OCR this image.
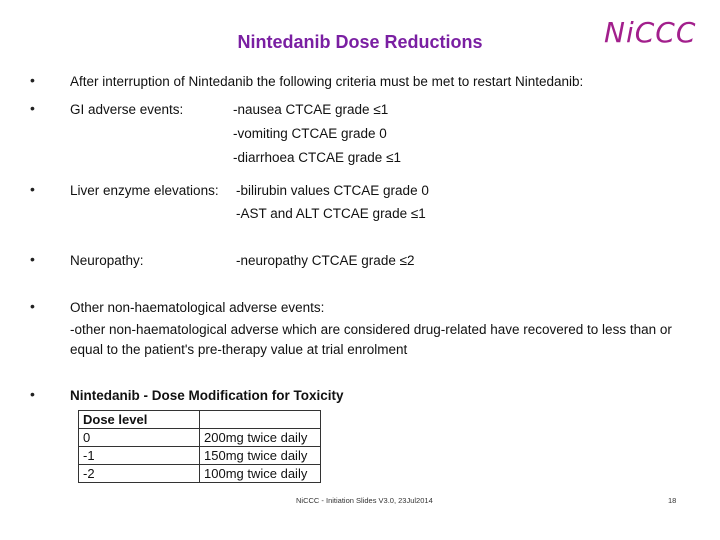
Nintedanib Dose Reductions	NiCCC
•	After interruption of Nintedanib the following criteria must be met to restart Nintedanib:
•	GI adverse events:	-nausea CTCAE grade ≤1
-vomiting CTCAE grade 0
-diarrhoea CTCAE grade ≤1
•	Liver enzyme elevations: -bilirubin values CTCAE grade 0
-AST and ALT CTCAE grade ≤1
•	Neuropathy:	-neuropathy CTCAE grade ≤2
•	Other non-haematological adverse events:
-other non-haematological adverse which are considered drug-related have recovered to less than or equal to the patient's pre-therapy value at trial enrolment
•	Nintedanib - Dose Modification for Toxicity
Dose level	
0	200mg twice daily
-1	150mg twice daily
-2	100mg twice daily
NiCCC - Initiation Slides V3.0, 23Jul2014	18
